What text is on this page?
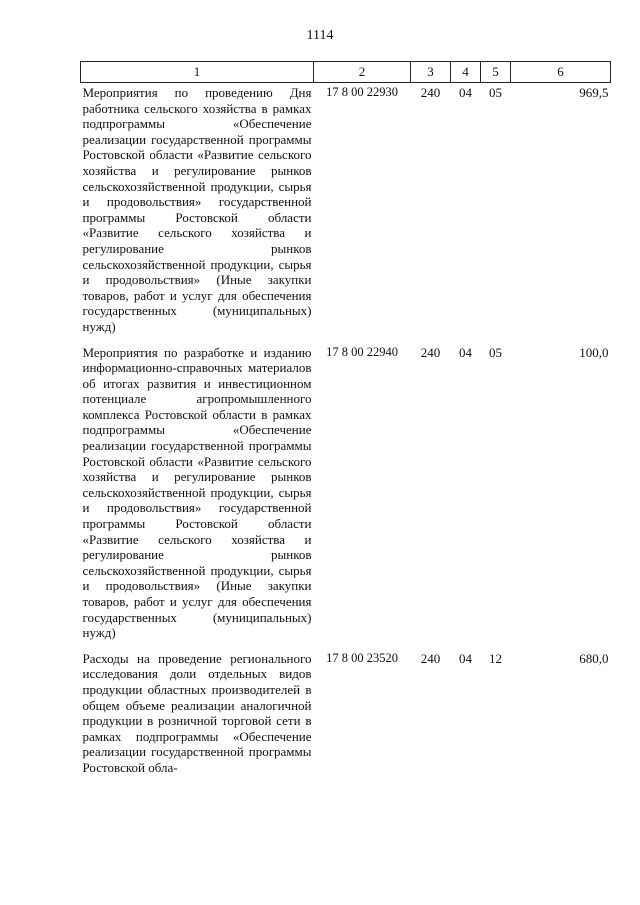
1114
1	2	3	4	5	6
Мероприятия по проведению Дня работника сельского хозяйства в рамках подпрограммы «Обеспечение реализации государственной программы Ростовской области «Развитие сельского хозяйства и регулирование рынков сельскохозяйственной продукции, сырья и продовольствия» государственной программы Ростовской области «Развитие сельского хозяйства и регулирование рынков сельскохозяйственной продукции, сырья и продовольствия» (Иные закупки товаров, работ и услуг для обеспечения государственных (муниципальных) нужд)	17 8 00 22930	240	04	05	969,5
Мероприятия по разработке и изданию информационно-справочных материалов об итогах развития и инвестиционном потенциале агропромышленного комплекса Ростовской области в рамках подпрограммы «Обеспечение реализации государственной программы Ростовской области «Развитие сельского хозяйства и регулирование рынков сельскохозяйственной продукции, сырья и продовольствия» государственной программы Ростовской области «Развитие сельского хозяйства и регулирование рынков сельскохозяйственной продукции, сырья и продовольствия» (Иные закупки товаров, работ и услуг для обеспечения государственных (муниципальных) нужд)	17 8 00 22940	240	04	05	100,0
Расходы на проведение регионального исследования доли отдельных видов продукции областных производителей в общем объеме реализации аналогичной продукции в розничной торговой сети в рамках подпрограммы «Обеспечение реализации государственной программы Ростовской обла-	17 8 00 23520	240	04	12	680,0
